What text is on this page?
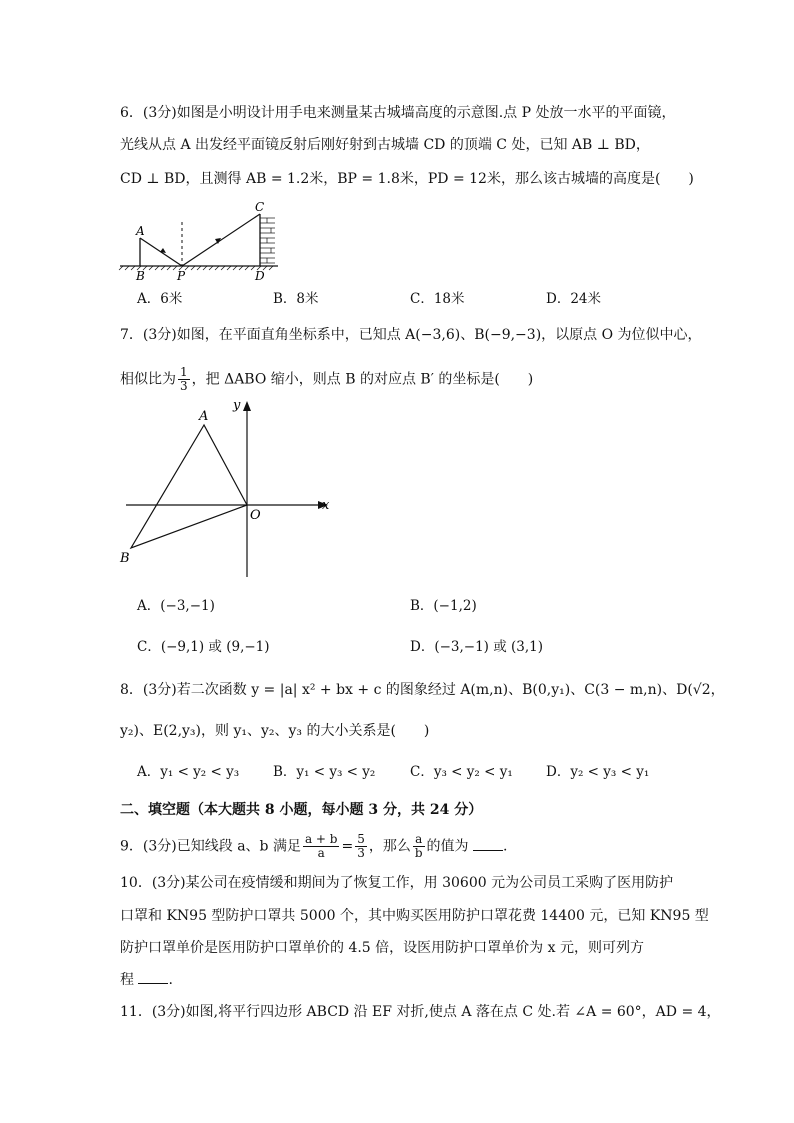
6．(3分)如图是小明设计用手电来测量某古城墙高度的示意图.点 P 处放一水平的平面镜，
光线从点 A 出发经平面镜反射后刚好射到古城墙 CD 的顶端 C 处，已知 AB ⊥ BD，
CD ⊥ BD，且测得 AB = 1.2米，BP = 1.8米，PD = 12米，那么该古城墙的高度是(　　)
A
B	P
C
D
A．6米	B．8米	C．18米	D．24米
7．(3分)如图，在平面直角坐标系中，已知点 A(−3,6)、B(−9,−3)，以原点 O 为位似中心，
相似比为 $\frac{1}{3}$ ，把 ΔABO 缩小，则点 B 的对应点 B′ 的坐标是(　　)
A
B
O
x
y
A．(−3,−1)	B．(−1,2)
C．(−9,1) 或 (9,−1)	D．(−3,−1) 或 (3,1)
8．(3分)若二次函数 y = |a| x² + bx + c 的图象经过 A(m,n)、B(0,y₁)、C(3 − m,n)、D(√2，
y₂)、E(2,y₃)，则 y₁、y₂、y₃ 的大小关系是(　　)
A．y₁ < y₂ < y₃	B．y₁ < y₃ < y₂	C．y₃ < y₂ < y₁ D．y₂ < y₃ < y₁
二、填空题（本大题共 8 小题，每小题 3 分，共 24 分）
9．(3分)已知线段 a、b 满足 $\frac{a + b}{a} = \frac{5}{3}$ ，那么 $\frac{a}{b}$ 的值为 .
10．(3分)某公司在疫情缓和期间为了恢复工作，用 30600 元为公司员工采购了医用防护
口罩和 KN95 型防护口罩共 5000 个，其中购买医用防护口罩花费 14400 元，已知 KN95 型
防护口罩单价是医用防护口罩单价的 4.5 倍，设医用防护口罩单价为 x 元，则可列方
程 .
11．(3分)如图,将平行四边形 ABCD 沿 EF 对折,使点 A 落在点 C 处.若 ∠A = 60°，AD = 4，
